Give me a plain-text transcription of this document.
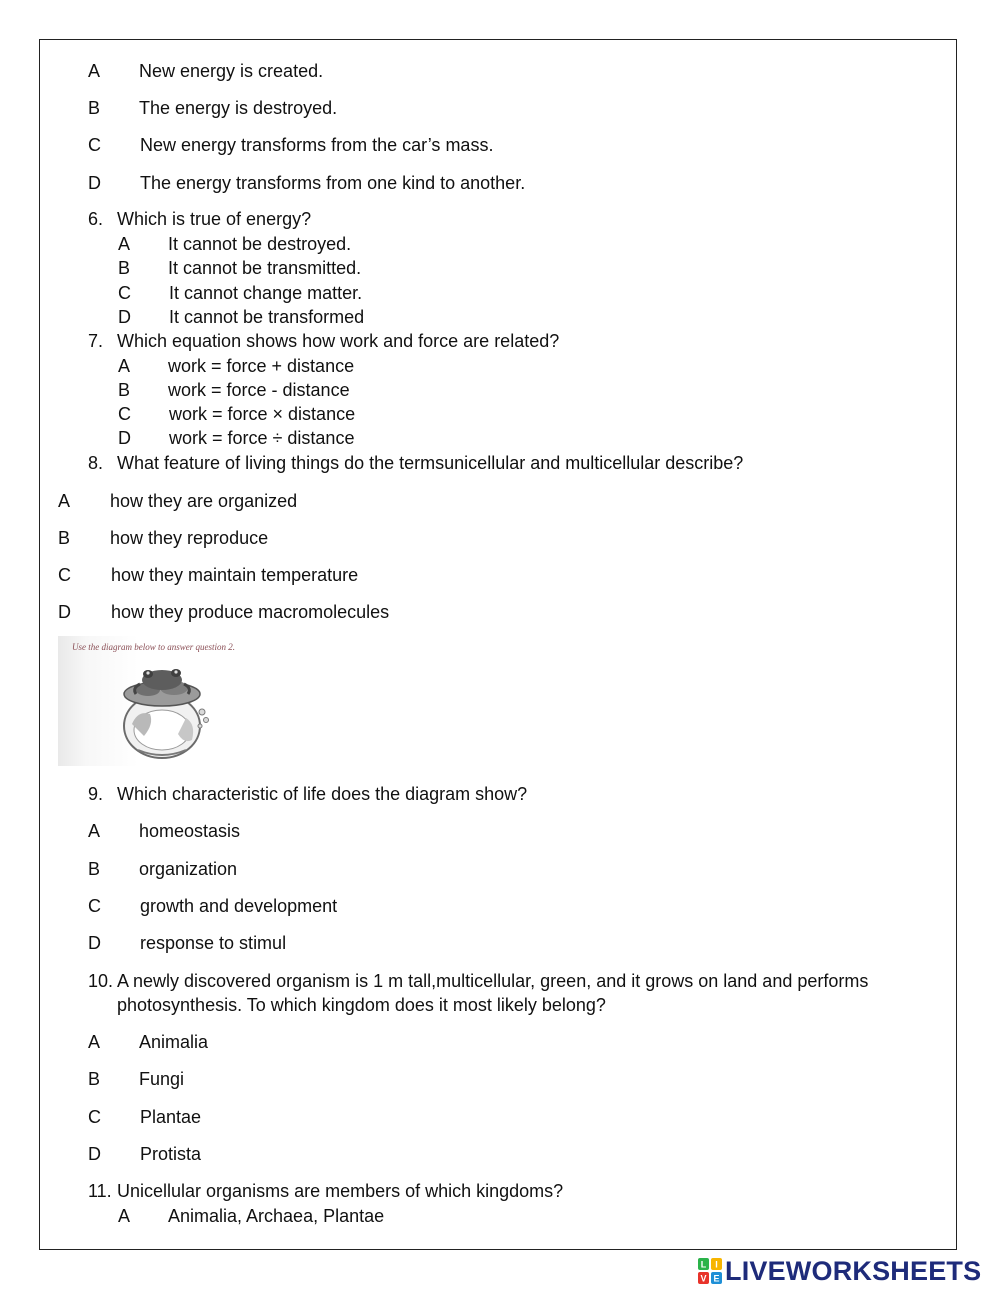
A New energy is created.
B The energy is destroyed.
C New energy transforms from the car’s mass.
D The energy transforms from one kind to another.
6. Which is true of energy?
A It cannot be destroyed.
B It cannot be transmitted.
C It cannot change matter.
D It cannot be transformed
7. Which equation shows how work and force are related?
A work = force + distance
B work = force - distance
C work = force × distance
D work = force ÷ distance
8. What feature of living things do the termsunicellular and multicellular describe?
A how they are organized
B how they reproduce
C how they maintain temperature
D how they produce macromolecules
Use the diagram below to answer question 2.
9. Which characteristic of life does the diagram show?
A homeostasis
B organization
C growth and development
D response to stimul
10. A newly discovered organism is 1 m tall,multicellular, green, and it grows on land and performs
photosynthesis. To which kingdom does it most likely belong?
A Animalia
B Fungi
C Plantae
D Protista
11. Unicellular organisms are members of which kingdoms?
A Animalia, Archaea, Plantae
L I
V E LIVEWORKSHEETS
